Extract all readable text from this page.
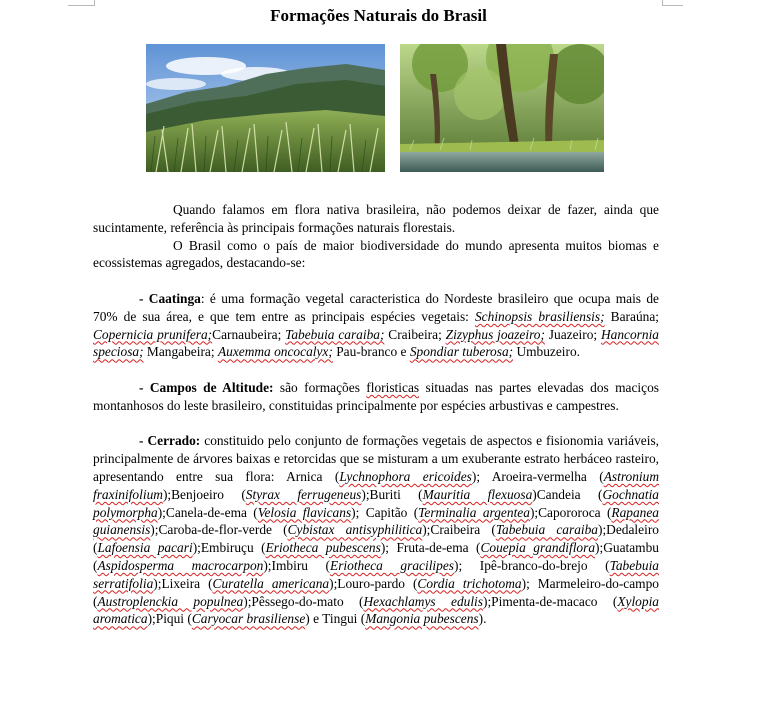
Formações Naturais do Brasil

Quando falamos em flora nativa brasileira, não podemos deixar de fazer, ainda que sucintamente, referência às principais formações naturais florestais.

O Brasil como o país de maior biodiversidade do mundo apresenta muitos biomas e ecossistemas agregados, destacando-se:

- Caatinga: é uma formação vegetal caracteristica do Nordeste brasileiro que ocupa mais de 70% de sua área, e que tem entre as principais espécies vegetais: Schinopsis brasiliensis; Baraúna; Copernicia prunifera;Carnaubeira; Tabebuia caraiba; Craibeira; Zizyphus joazeiro; Juazeiro; Hancornia speciosa; Mangabeira; Auxemma oncocalyx; Pau-branco e Spondiar tuberosa; Umbuzeiro.

- Campos de Altitude: são formações floristicas situadas nas partes elevadas dos maciços montanhosos do leste brasileiro, constituidas principalmente por espécies arbustivas e campestres.

- Cerrado: constituido pelo conjunto de formações vegetais de aspectos e fisionomia variáveis, principalmente de árvores baixas e retorcidas que se misturam a um exuberante estrato herbáceo rasteiro, apresentando entre sua flora: Arnica (Lychnophora ericoides); Aroeira-vermelha (Astronium fraxinifolium);Benjoeiro (Styrax ferrugeneus);Buriti (Mauritia flexuosa)Candeia (Gochnatia polymorpha);Canela-de-ema (Velosia flavicans); Capitão (Terminalia argentea);Capororoca (Rapanea guianensis);Caroba-de-flor-verde (Cybistax antisyphilitica);Craibeira (Tabebuia caraiba);Dedaleiro (Lafoensia pacari);Embiruçu (Eriotheca pubescens); Fruta-de-ema (Couepia grandiflora);Guatambu (Aspidosperma macrocarpon);Imbiru (Eriotheca gracilipes); Ipê-branco-do-brejo (Tabebuia serratifolia);Lixeira (Curatella americana);Louro-pardo (Cordia trichotoma); Marmeleiro-do-campo (Austroplenckia populnea);Pêssego-do-mato (Hexachlamys edulis);Pimenta-de-macaco (Xylopia aromatica);Piqui (Caryocar brasiliense) e Tingui (Mangonia pubescens).
